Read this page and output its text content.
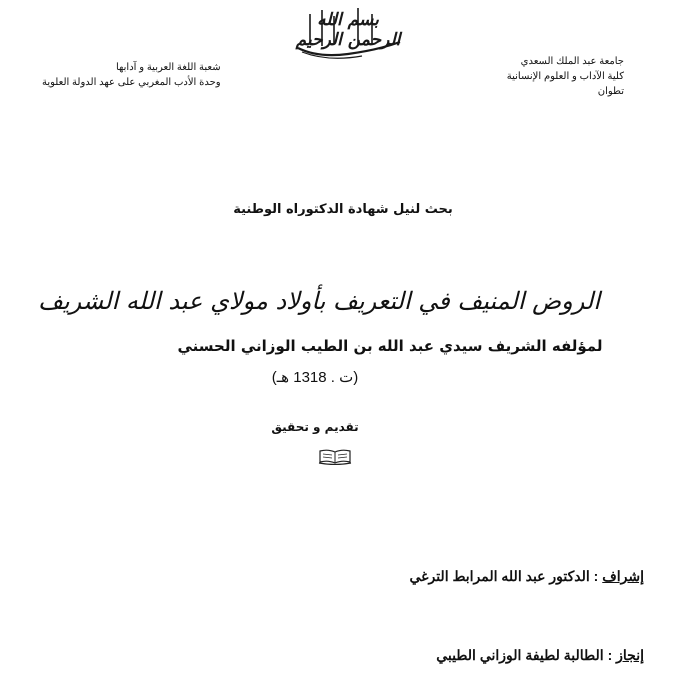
بسم الله الرحمن الرحيم
جامعة عبد الملك السعدي
كلية الآداب و العلوم الإنسانية
تطوان
شعبة اللغة العربية و آدابها
وحدة الأدب المغربي على عهد الدولة العلوية
بحث لنيل شهادة الدكتوراه الوطنية
الروض المنيف في التعريف بأولاد مولاي عبد الله الشريف
لمؤلفه الشريف سيدي عبد الله بن الطيب الوزاني الحسني
(ت . 1318 هـ)
تقديم و تحقيق
إشراف : الدكتور عبد الله المرابط الترغي
إنجاز : الطالبة لطيفة الوزاني الطيبي
